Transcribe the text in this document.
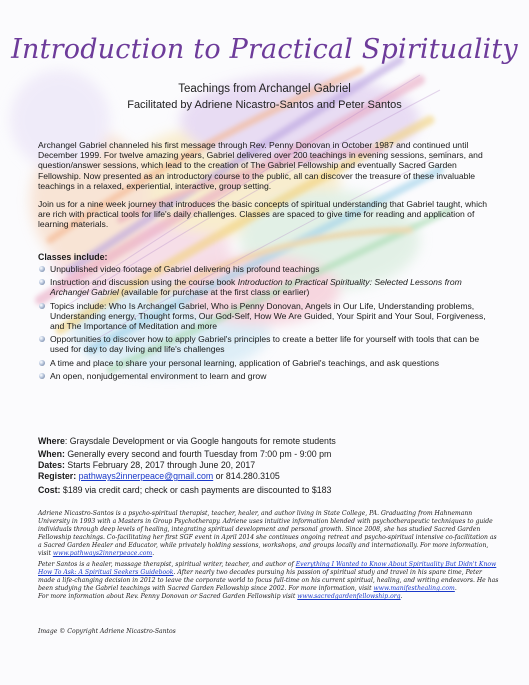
Introduction to Practical Spirituality
Teachings from Archangel Gabriel
Facilitated by Adriene Nicastro-Santos and Peter Santos
Archangel Gabriel channeled his first message through Rev. Penny Donovan in October 1987 and continued until December 1999. For twelve amazing years, Gabriel delivered over 200 teachings in evening sessions, seminars, and question/answer sessions, which lead to the creation of The Gabriel Fellowship and eventually Sacred Garden Fellowship. Now presented as an introductory course to the public, all can discover the treasure of these invaluable teachings in a relaxed, experiential, interactive, group setting.
Join us for a nine week journey that introduces the basic concepts of spiritual understanding that Gabriel taught, which are rich with practical tools for life's daily challenges. Classes are spaced to give time for reading and application of learning materials.
Classes include:
Unpublished video footage of Gabriel delivering his profound teachings
Instruction and discussion using the course book Introduction to Practical Spirituality: Selected Lessons from Archangel Gabriel (available for purchase at the first class or earlier)
Topics include: Who Is Archangel Gabriel, Who is Penny Donovan, Angels in Our Life, Understanding problems, Understanding energy, Thought forms, Our God-Self, How We Are Guided, Your Spirit and Your Soul, Forgiveness, and The Importance of Meditation and more
Opportunities to discover how to apply Gabriel's principles to create a better life for yourself with tools that can be used for day to day living and life's challenges
A time and place to share your personal learning, application of Gabriel's teachings, and ask questions
An open, nonjudgemental environment to learn and grow
Where: Graysdale Development or via Google hangouts for remote students
When: Generally every second and fourth Tuesday from 7:00 pm - 9:00 pm
Dates: Starts February 28, 2017 through June 20, 2017
Register: pathways2innerpeace@gmail.com or 814.280.3105
Cost: $189 via credit card; check or cash payments are discounted to $183
Adriene Nicastro-Santos is a psycho-spiritual therapist, teacher, healer, and author living in State College, PA. Graduating from Hahnemann University in 1993 with a Masters in Group Psychotherapy. Adriene uses intuitive information blended with psychotherapeutic techniques to guide individuals through deep levels of healing, integrating spiritual development and personal growth. Since 2008, she has studied Sacred Garden Fellowship teachings. Co-facilitating her first SGF event in April 2014 she continues ongoing retreat and psycho-spiritual intensive co-facilitation as a Sacred Garden Healer and Educator, while privately holding sessions, workshops, and groups locally and internationally. For more information, visit www.pathways2innerpeace.com.
Peter Santos is a healer, massage therapist, spiritual writer, teacher, and author of Everything I Wanted to Know About Spirituality But Didn't Know How To Ask: A Spiritual Seekers Guidebook. After nearly two decades pursuing his passion of spiritual study and travel in his spare time, Peter made a life-changing decision in 2012 to leave the corporate world to focus full-time on his current spiritual, healing, and writing endeavors. He has been studying the Gabriel teachings with Sacred Garden Fellowship since 2002. For more information, visit www.manifesthealing.com.
For more information about Rev. Penny Donovan or Sacred Garden Fellowship visit www.sacredgardenfellowship.org.
Image © Copyright Adriene Nicastro-Santos
